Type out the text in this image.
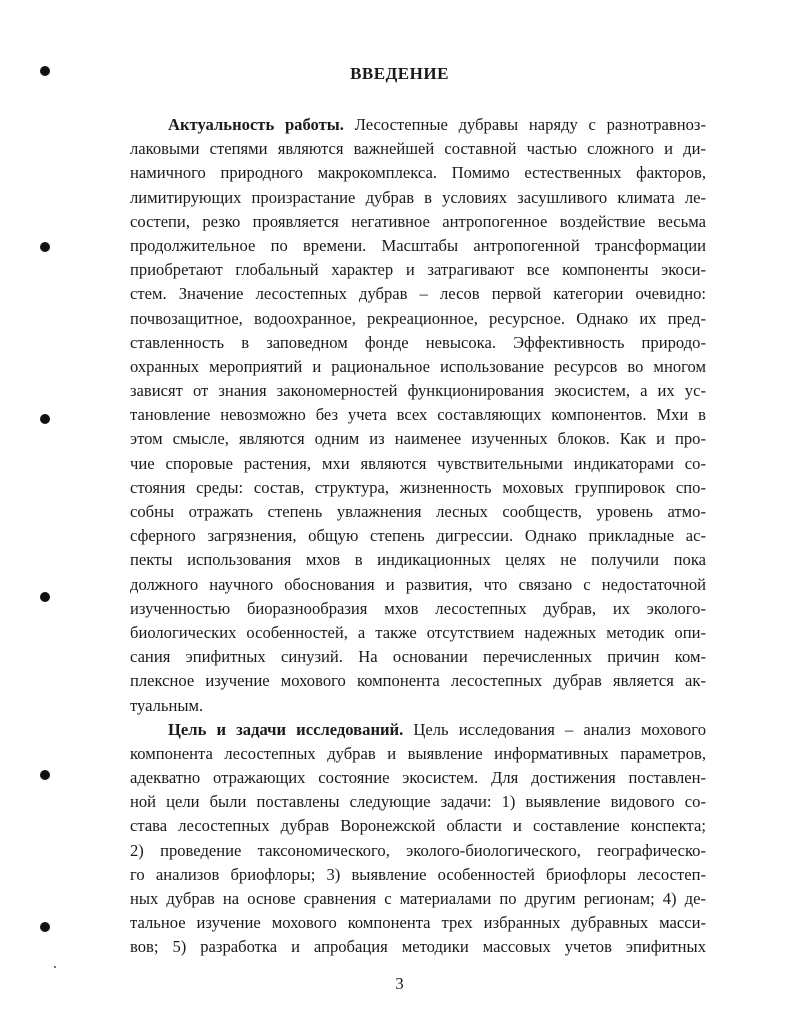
ВВЕДЕНИЕ
Актуальность работы. Лесостепные дубравы наряду с разнотравноз-
лаковыми степями являются важнейшей составной частью сложного и ди-
намичного природного макрокомплекса. Помимо естественных факторов,
лимитирующих произрастание дубрав в условиях засушливого климата ле-
состепи, резко проявляется негативное антропогенное воздействие весьма
продолжительное по времени. Масштабы антропогенной трансформации
приобретают глобальный характер и затрагивают все компоненты экоси-
стем. Значение лесостепных дубрав – лесов первой категории очевидно:
почвозащитное, водоохранное, рекреационное, ресурсное. Однако их пред-
ставленность в заповедном фонде невысока. Эффективность природо-
охранных мероприятий и рациональное использование ресурсов во многом
зависят от знания закономерностей функционирования экосистем, а их ус-
тановление невозможно без учета всех составляющих компонентов. Мхи в
этом смысле, являются одним из наименее изученных блоков. Как и про-
чие споровые растения, мхи являются чувствительными индикаторами со-
стояния среды: состав, структура, жизненность моховых группировок спо-
собны отражать степень увлажнения лесных сообществ, уровень атмо-
сферного загрязнения, общую степень дигрессии. Однако прикладные ас-
пекты использования мхов в индикационных целях не получили пока
должного научного обоснования и развития, что связано с недостаточной
изученностью биоразнообразия мхов лесостепных дубрав, их эколого-
биологических особенностей, а также отсутствием надежных методик опи-
сания эпифитных синузий. На основании перечисленных причин ком-
плексное изучение мохового компонента лесостепных дубрав является ак-
туальным.
Цель и задачи исследований. Цель исследования – анализ мохового
компонента лесостепных дубрав и выявление информативных параметров,
адекватно отражающих состояние экосистем. Для достижения поставлен-
ной цели были поставлены следующие задачи: 1) выявление видового со-
става лесостепных дубрав Воронежской области и составление конспекта;
2) проведение таксономического, эколого-биологического, географическо-
го анализов бриофлоры; 3) выявление особенностей бриофлоры лесостеп-
ных дубрав на основе сравнения с материалами по другим регионам; 4) де-
тальное изучение мохового компонента трех избранных дубравных масси-
вов; 5) разработка и апробация методики массовых учетов эпифитных
3
